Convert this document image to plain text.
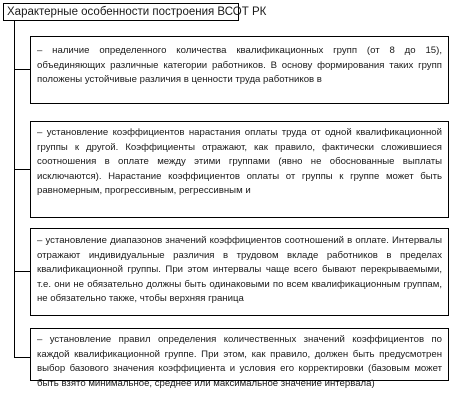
Характерные особенности построения ВСОТ РК
– наличие определенного количества квалификационных групп (от 8 до 15), объединяющих различные категории работников. В основу формирования таких групп положены устойчивые различия в ценности труда работников в
– установление коэффициентов нарастания оплаты труда от одной квалификационной группы к другой. Коэффициенты отражают, как правило, фактически сложившиеся соотношения в оплате между этими группами (явно не обоснованные выплаты исключаются). Нарастание коэффициентов оплаты от группы к группе может быть равномерным, прогрессивным, регрессивным и
– установление диапазонов значений коэффициентов соотношений в оплате. Интервалы отражают индивидуальные различия в трудовом вкладе работников в пределах квалификационной группы. При этом интервалы чаще всего бывают перекрываемыми, т.е. они не обязательно должны быть одинаковыми по всем квалификационным группам, не обязательно также, чтобы верхняя граница
– установление правил определения количественных значений коэффициентов по каждой квалификационной группе. При этом, как правило, должен быть предусмотрен выбор базового значения коэффициента и условия его корректировки (базовым может быть взято минимальное, среднее или максимальное значение интервала)
